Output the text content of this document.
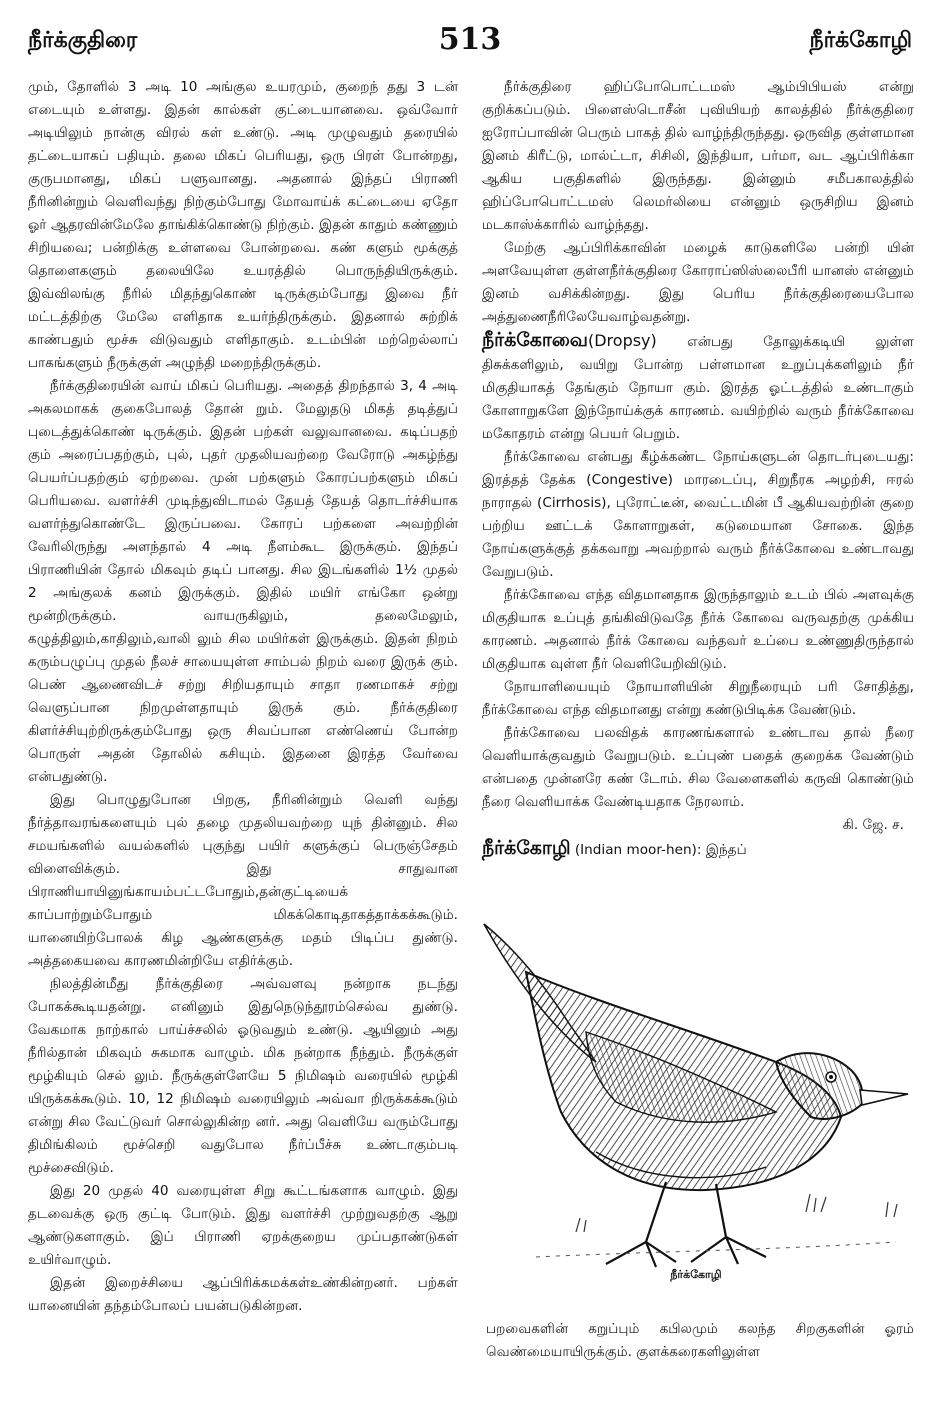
நீர்க்குதிரை	513	நீர்க்கோழி

மும், தோளில் 3 அடி 10 அங்குல உயரமும், குறைந் தது 3 டன் எடையும் உள்ளது. இதன் கால்கள் குட்டையானவை. ஒவ்வோர் அடியிலும் நான்கு விரல் கள் உண்டு. அடி முழுவதும் தரையில் தட்டையாகப் பதியும். தலை மிகப் பெரியது, ஒரு பிரள் போன்றது, குருபமானது, மிகப் பளுவானது. அதனால் இந்தப் பிராணி நீரினின்றும் வெளிவந்து நிற்கும்போது மோவாய்க் கட்டையை ஏதோ ஓர் ஆதரவின்மேலே தாங்கிக்கொண்டு நிற்கும். இதன் காதும் கண்ணும் சிறியவை; பன்றிக்கு உள்ளவை போன்றவை. கண் களும் மூக்குத் தொளைகளும் தலையிலே உயரத்தில் பொருந்தியிருக்கும். இவ்விலங்கு நீரில் மிதந்துகொண் டிருக்கும்போது இவை நீர் மட்டத்திற்கு மேலே எளிதாக உயர்ந்திருக்கும். இதனால் சுற்றிக் காண்பதும் மூச்சு விடுவதும் எளிதாகும். உடம்பின் மற்றெல்லாப் பாகங்களும் நீருக்குள் அழுந்தி மறைந்திருக்கும்.

நீர்க்குதிரையின் வாய் மிகப் பெரியது. அதைத் திறந்தால் 3, 4 அடி அகலமாகக் குகைபோலத் தோன் றும். மேலுதடு மிகத் தடித்துப் புடைத்துக்கொண் டிருக்கும். இதன் பற்கள் வலுவானவை. கடிப்பதற் கும் அரைப்பதற்கும், புல், புதர் முதலியவற்றை வேரோடு அகழ்ந்து பெயர்ப்பதற்கும் ஏற்றவை. முன் பற்களும் கோரப்பற்களும் மிகப் பெரியவை. வளர்ச்சி முடிந்துவிடாமல் தேயத் தேயத் தொடர்ச்சியாக வளர்ந்துகொண்டே இருப்பவை. கோரப் பற்களை அவற்றின் வேரிலிருந்து அளந்தால் 4 அடி நீளம்கூட இருக்கும். இந்தப் பிராணியின் தோல் மிகவும் தடிப் பானது. சில இடங்களில் 1½ முதல் 2 அங்குலக் கனம் இருக்கும். இதில் மயிர் எங்கோ ஒன்று மூன்றிருக்கும். வாயருகிலும், தலைமேலும், கழுத்திலும்,காதிலும்,வாலி லும் சில மயிர்கள் இருக்கும். இதன் நிறம் கரும்பழுப்பு முதல் நீலச் சாயையுள்ள சாம்பல் நிறம் வரை இருக் கும். பெண் ஆணைவிடச் சற்று சிறியதாயும் சாதா ரணமாகச் சற்று வெளுப்பான நிறமுள்ளதாயும் இருக் கும். நீர்க்குதிரை கிளர்ச்சியுற்றிருக்கும்போது ஒரு சிவப்பான எண்ணெய் போன்ற பொருள் அதன் தோலில் கசியும். இதனை இரத்த வேர்வை என்பதுண்டு.

இது பொழுதுபோன பிறகு, நீரினின்றும் வெளி வந்து நீர்த்தாவரங்களையும் புல் தழை முதலியவற்றை யுந் தின்னும். சில சமயங்களில் வயல்களில் புகுந்து பயிர் களுக்குப் பெருஞ்சேதம் விளைவிக்கும். இது சாதுவான பிராணியாயினுங்காயம்பட்டபோதும்,தன்குட்டியைக் காப்பாற்றும்போதும் மிகக்கொடிதாகத்தாக்கக்கூடும். யானையிற்போலக் கிழ ஆண்களுக்கு மதம் பிடிப்ப துண்டு. அத்தகையவை காரணமின்றியே எதிர்க்கும்.

நிலத்தின்மீது நீர்க்குதிரை அவ்வளவு நன்றாக நடந்து போகக்கூடியதன்று. எனினும் இதுநெடுந்தூரம்செல்வ துண்டு. வேகமாக நாற்கால் பாய்ச்சலில் ஓடுவதும் உண்டு. ஆயினும் அது நீரில்தான் மிகவும் சுகமாக வாழும். மிக நன்றாக நீந்தும். நீருக்குள் மூழ்கியும் செல் லும். நீருக்குள்ளேயே 5 நிமிஷம் வரையில் மூழ்கி யிருக்கக்கூடும். 10, 12 நிமிஷம் வரையிலும் அவ்வா றிருக்கக்கூடும் என்று சில வேட்டுவர் சொல்லுகின்ற னர். அது வெளியே வரும்போது திமிங்கிலம் மூச்செறி வதுபோல நீர்ப்பீச்சு உண்டாகும்படி மூச்சைவிடும்.

இது 20 முதல் 40 வரையுள்ள சிறு கூட்டங்களாக வாழும். இது தடவைக்கு ஒரு குட்டி போடும். இது வளர்ச்சி முற்றுவதற்கு ஆறு ஆண்டுகளாகும். இப் பிராணி ஏறக்குறைய முப்பதாண்டுகள் உயிர்வாழும்.

இதன் இறைச்சியை ஆப்பிரிக்கமக்கள்உண்கின்றனர். பற்கள் யானையின் தந்தம்போலப் பயன்படுகின்றன.

நீர்க்குதிரை ஹிப்போபொட்டமஸ் ஆம்பிபியஸ் என்று குறிக்கப்படும். பிளைஸ்டொசீன் புவியியற் காலத்தில் நீர்க்குதிரை ஐரோப்பாவின் பெரும் பாகத் தில் வாழ்ந்திருந்தது. ஒருவித குள்ளமான இனம் கிரீட்டு, மால்ட்டா, சிசிலி, இந்தியா, பர்மா, வட ஆப்பிரிக்கா ஆகிய பகுதிகளில் இருந்தது. இன்னும் சமீபகாலத்தில் ஹிப்போபொட்டமஸ் லெமர்லியை என்னும் ஒருசிறிய இனம் மடகாஸ்க்காரில் வாழ்ந்தது.

மேற்கு ஆப்பிரிக்காவின் மழைக் காடுகளிலே பன்றி யின் அளவேயுள்ள குள்ளநீர்க்குதிரை கோராப்ஸிஸ்லைபீரி யானஸ் என்னும் இனம் வசிக்கின்றது. இது பெரிய நீர்க்குதிரையைபோல அத்துணைநீரிலேயேவாழ்வதன்று.

நீர்க்கோவை(Dropsy) என்பது தோலுக்கடியி லுள்ள திசுக்களிலும், வயிறு போன்ற பள்ளமான உறுப்புக்களிலும் நீர் மிகுதியாகத் தேங்கும் நோயா கும். இரத்த ஓட்டத்தில் உண்டாகும் கோளாறுகளே இந்நோய்க்குக் காரணம். வயிற்றில் வரும் நீர்க்கோவை மகோதரம் என்று பெயர் பெறும்.

நீர்க்கோவை என்பது கீழ்க்கண்ட நோய்களுடன் தொடர்புடையது: இரத்தத் தேக்க (Congestive) மாரடைப்பு, சிறுநீரக அழற்சி, ஈரல் நாராதல் (Cirrhosis), புரோட்டீன், வைட்டமின் பீ ஆகியவற்றின் குறை பற்றிய ஊட்டக் கோளாறுகள், கடுமையான சோகை. இந்த நோய்களுக்குத் தக்கவாறு அவற்றால் வரும் நீர்க்கோவை உண்டாவது வேறுபடும்.

நீர்க்கோவை எந்த விதமானதாக இருந்தாலும் உடம் பில் அளவுக்கு மிகுதியாக உப்புத் தங்கிவிடுவதே நீர்க் கோவை வருவதற்கு முக்கிய காரணம். அதனால் நீர்க் கோவை வந்தவர் உப்பை உண்ணுதிருந்தால் மிகுதியாக வுள்ள நீர் வெளியேறிவிடும்.

நோயாளியையும் நோயாளியின் சிறுநீரையும் பரி சோதித்து, நீர்க்கோவை எந்த விதமானது என்று கண்டுபிடிக்க வேண்டும்.

நீர்க்கோவை பலவிதக் காரணங்களால் உண்டாவ தால் நீரை வெளியாக்குவதும் வேறுபடும். உப்புண் பதைக் குறைக்க வேண்டும் என்பதை முன்னரே கண் டோம். சில வேளைகளில் கருவி கொண்டும் நீரை வெளியாக்க வேண்டியதாக நேரலாம்.

கி. ஜே. ச.

நீர்க்கோழி (Indian moor-hen): இந்தப்

நீர்க்கோழி

பறவைகளின் கறுப்பும் கபிலமும் கலந்த சிறகுகளின் ஓரம் வெண்மையாயிருக்கும். குளக்கரைகளிலுள்ள
